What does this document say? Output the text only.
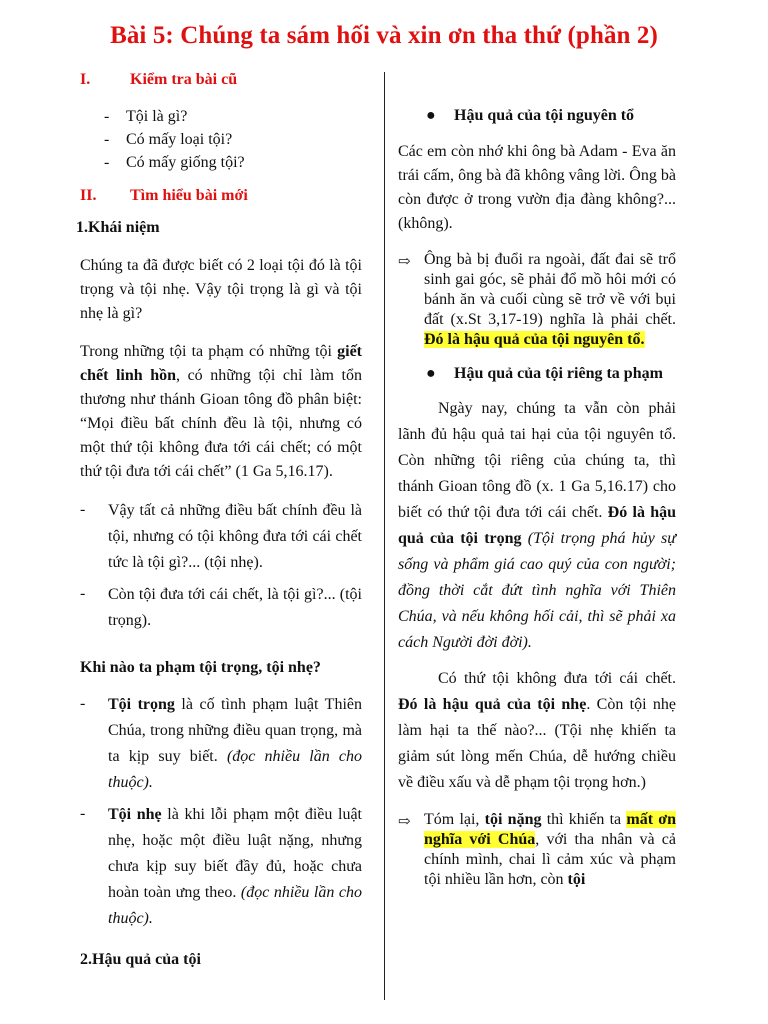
Bài 5: Chúng ta sám hối và xin ơn tha thứ (phần 2)
I.	Kiểm tra bài cũ
-	Tội là gì?
-	Có mấy loại tội?
-	Có mấy giống tội?
II.	Tìm hiểu bài mới

1.Khái niệm

Chúng ta đã được biết có 2 loại tội đó là tội trọng và tội nhẹ. Vậy tội trọng là gì và tội nhẹ là gì?

Trong những tội ta phạm có những tội giết chết linh hồn, có những tội chỉ làm tổn thương như thánh Gioan tông đồ phân biệt: “Mọi điều bất chính đều là tội, nhưng có một thứ tội không đưa tới cái chết; có một thứ tội đưa tới cái chết” (1 Ga 5,16.17).

-	Vậy tất cả những điều bất chính đều là tội, nhưng có tội không đưa tới cái chết tức là tội gì?... (tội nhẹ).
-	Còn tội đưa tới cái chết, là tội gì?... (tội trọng).

Khi nào ta phạm tội trọng, tội nhẹ?

-	Tội trọng là cố tình phạm luật Thiên Chúa, trong những điều quan trọng, mà ta kịp suy biết. (đọc nhiều lần cho thuộc).
-	Tội nhẹ là khi lỗi phạm một điều luật nhẹ, hoặc một điều luật nặng, nhưng chưa kịp suy biết đầy đủ, hoặc chưa hoàn toàn ưng theo. (đọc nhiều lần cho thuộc).

2.Hậu quả của tội

●	Hậu quả của tội nguyên tổ

Các em còn nhớ khi ông bà Adam - Eva ăn trái cấm, ông bà đã không vâng lời. Ông bà còn được ở trong vườn địa đàng không?... (không).

⇨ Ông bà bị đuổi ra ngoài, đất đai sẽ trổ sinh gai góc, sẽ phải đổ mồ hôi mới có bánh ăn và cuối cùng sẽ trở về với bụi đất (x.St 3,17-19) nghĩa là phải chết. Đó là hậu quả của tội nguyên tổ.
●	Hậu quả của tội riêng ta phạm

Ngày nay, chúng ta vẫn còn phải lãnh đủ hậu quả tai hại của tội nguyên tổ. Còn những tội riêng của chúng ta, thì thánh Gioan tông đồ (x. 1 Ga 5,16.17) cho biết có thứ tội đưa tới cái chết. Đó là hậu quả của tội trọng (Tội trọng phá hủy sự sống và phẩm giá cao quý của con người; đồng thời cắt đứt tình nghĩa với Thiên Chúa, và nếu không hối cải, thì sẽ phải xa cách Người đời đời).

Có thứ tội không đưa tới cái chết. Đó là hậu quả của tội nhẹ. Còn tội nhẹ làm hại ta thế nào?... (Tội nhẹ khiến ta giảm sút lòng mến Chúa, dễ hướng chiều về điều xấu và dễ phạm tội trọng hơn.)

⇨ Tóm lại, tội nặng thì khiến ta mất ơn nghĩa với Chúa, với tha nhân và cả chính mình, chai lì cảm xúc và phạm tội nhiều lần hơn, còn tội
